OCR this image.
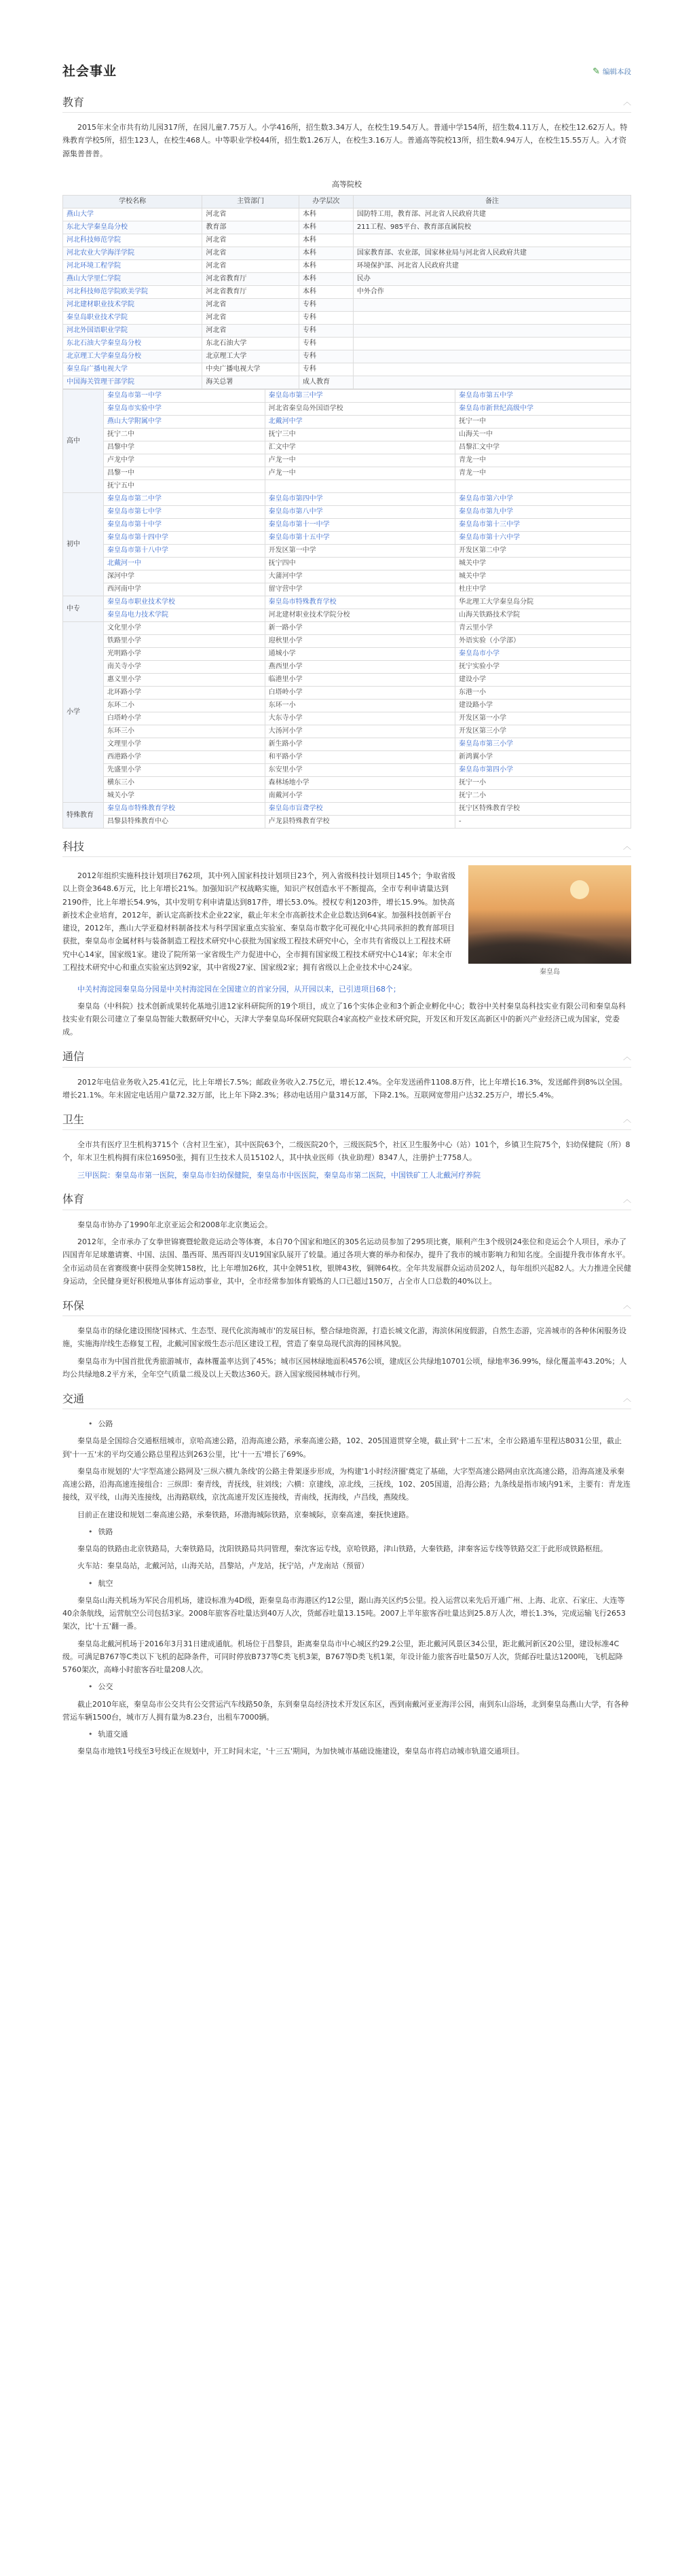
社会事业	✎ 编辑本段
教育	︿

2015年末全市共有幼儿园317所，在园儿童7.75万人。小学416所，招生数3.34万人，在校生19.54万人。普通中学154所，招生数4.11万人，在校生12.62万人。特殊教育学校5所，招生123人，在校生468人。中等职业学校44所，招生数1.26万人，在校生3.16万人。普通高等院校13所，招生数4.94万人，在校生15.55万人。入才资源集普普普。

高等院校
学校名称	主管部门	办学层次	备注
燕山大学	河北省	本科	国防特工用，教育部、河北省人民政府共建
东北大学秦皇岛分校	教育部	本科	211工程、985平台、教育部直属院校
河北科技师范学院	河北省	本科	
河北农业大学海洋学院	河北省	本科	国家教育部、农业部，国家林业局与河北省人民政府共建
河北环境工程学院	河北省	本科	环境保护部、河北省人民政府共建
燕山大学里仁学院	河北省教育厅	本科	民办
河北科技师范学院欧美学院	河北省教育厅	本科	中外合作
河北建材职业技术学院	河北省	专科	
秦皇岛职业技术学院	河北省	专科	
河北外国语职业学院	河北省	专科	
东北石油大学秦皇岛分校	东北石油大学	专科	
北京理工大学秦皇岛分校	北京理工大学	专科	
秦皇岛广播电视大学	中央广播电视大学	专科	
中国海关管理干部学院	海关总署	成人教育	
高中	秦皇岛市第一中学	秦皇岛市第三中学	秦皇岛市第五中学
	秦皇岛市实验中学	河北省秦皇岛外国语学校	秦皇岛市新世纪高级中学
	燕山大学附属中学	北戴河中学	抚宁一中
	抚宁二中	抚宁三中	山海关一中
	昌黎中学	汇文中学	昌黎汇文中学
	卢龙中学	卢龙一中	青龙一中
	昌黎一中	卢龙一中	青龙一中
	抚宁五中		
初中	秦皇岛市第二中学	秦皇岛市第四中学	秦皇岛市第六中学
	秦皇岛市第七中学	秦皇岛市第八中学	秦皇岛市第九中学
	秦皇岛市第十中学	秦皇岛市第十一中学	秦皇岛市第十三中学
	秦皇岛市第十四中学	秦皇岛市第十五中学	秦皇岛市第十六中学
	秦皇岛市第十八中学	开发区第一中学	开发区第二中学
	北戴河一中	抚宁四中	城关中学
	深河中学	大蒲河中学	城关中学
	西河南中学	留守营中学	杜庄中学
中专	秦皇岛市职业技术学校	秦皇岛市特殊教育学校	华北理工大学秦皇岛分院
	秦皇岛电力技术学院	河北建材职业技术学院分校	山海关铁路技术学院
小学	文化里小学	新一路小学	青云里小学
	铁路里小学	迎秋里小学	外语实验（小学部）
	光明路小学	通城小学	秦皇岛市小学
	南关寺小学	燕西里小学	抚宁实验小学
	惠义里小学	临港里小学	建设小学
	北环路小学	白塔岭小学	东港一小
	东环二小	东环一小	建设路小学
	白塔岭小学	大东寺小学	开发区第一小学
	东环三小	大汤河小学	开发区第三小学
	文理里小学	新生路小学	秦皇岛市第三小学
	西港路小学	和平路小学	新鸿翼小学
	先盛里小学	东安里小学	秦皇岛市第四小学
	横东三小	森林场地小学	抚宁一小
	城关小学	南戴河小学	抚宁二小
特殊教育	秦皇岛市特殊教育学校	秦皇岛市盲聋学校	抚宁区特殊教育学校
	昌黎县特殊教育中心	卢龙县特殊教育学校	-
科技	︿

2012年组织实施科技计划项目762项，其中列入国家科技计划项目23个，列入省级科技计划项目145个；争取省级以上资金3648.6万元，比上年增长21%。加强知识产权战略实施，知识产权创造水平不断提高，全市专利申请量达到2190件，比上年增长54.9%，其中发明专利申请量达到817件，增长53.0%。授权专利1203件，增长15.9%。加快高新技术企业培育，2012年，新认定高新技术企业22家，截止年末全市高新技术企业总数达到64家。加强科技创新平台建设，2012年，燕山大学亚稳材料制备技术与科学国家重点实验室、秦皇岛市数字化可视化中心共同承担的教育部项目获批，秦皇岛市金属材料与装备制造工程技术研究中心获批为国家级工程技术研究中心，全市共有省级以上工程技术研究中心14家，国家级1家。建设了院所第一家省级生产力促进中心，全市拥有国家级工程技术研究中心14家；年末全市工程技术研究中心和重点实验室达到92家，其中省级27家、国家级2家；拥有省级以上企业技术中心24家。

秦皇岛

中关村海淀园秦皇岛分园是中关村海淀园在全国建立的首家分园，从开园以来，已引进项目68个；

秦皇岛（中科院）技术创新成果转化基地引进12家科研院所的19个项目，成立了16个实体企业和3个新企业孵化中心；数谷中关村秦皇岛科技实业有限公司和秦皇岛科技实业有限公司建立了秦皇岛智能大数据研究中心，天津大学秦皇岛环保研究院联合4家高校产业技术研究院，开发区和开发区高新区中的新兴产业经济已成为国家，党委成。

通信	︿

2012年电信业务收入25.41亿元，比上年增长7.5%；邮政业务收入2.75亿元，增长12.4%。全年发送函件1108.8万件，比上年增长16.3%，发送邮件到8%以全国。增长21.1%。年末固定电话用户量72.32万部，比上年下降2.3%；移动电话用户量314万部，下降2.1%。互联网宽带用户达32.25万户，增长5.4%。

卫生	︿

全市共有医疗卫生机构3715个（含村卫生室），其中医院63个，二级医院20个，三级医院5个，社区卫生服务中心（站）101个，乡镇卫生院75个，妇幼保健院（所）8个，年末卫生机构拥有床位16950张，拥有卫生技术人员15102人，其中执业医师（执业助理）8347人，注册护士7758人。

三甲医院：秦皇岛市第一医院，秦皇岛市妇幼保健院，秦皇岛市中医医院，秦皇岛市第二医院，中国铁矿工人北戴河疗养院

体育	︿

秦皇岛市协办了1990年北京亚运会和2008年北京奥运会。

2012年，全市承办了女拳世锦赛暨轮散竞运动会等体赛，本自70个国家和地区的305名运动员参加了295项比赛，顺利产生3个级别24张位和竞运会个人项目，承办了四国青年足球邀请赛、中国、法国、墨西哥、黑西哥四支U19国家队展开了较量。通过各项大赛的举办和保办，提升了我市的城市影响力和知名度。全面提升我市体育水平。全市运动员在省赛级赛中获得金奖牌158枚，比上年增加26枚，其中金牌51枚，银牌43枚，铜牌64枚。全年共发展群众运动员202人，每年组织兴起82人。大力推进全民健身运动，全民健身更好积极地从事体育运动事业，其中，全市经常参加体育锻炼的人口已超过150万，占全市人口总数的40%以上。

环保	︿

秦皇岛市的绿化建设围绕'园林式、生态型、现代化滨海城市'的发展目标，整合绿地资源，打造长城文化游，海滨休闲度假游，自然生态游，完善城市的各种休闲服务设施，实施海岸线生态修复工程，北戴河国家级生态示范区建设工程，营造了秦皇岛现代滨海的园林风貌。

秦皇岛市为中国首批优秀旅游城市，森林覆盖率达到了45%；城市区园林绿地面积4576公顷，建成区公共绿地10701公顷，绿地率36.99%，绿化覆盖率43.20%；人均公共绿地8.2平方米，全年空气质量二级及以上天数达360天。跻入国家级园林城市行列。

交通	︿
• 公路

秦皇岛是全国综合交通枢纽城市，京哈高速公路，沿海高速公路，承秦高速公路，102、205国道贯穿全境，截止到'十二五'末，全市公路通车里程达8031公里，截止到'十一五'末的平均交通公路总里程达到263公里，比'十一五'增长了69%。

秦皇岛市规划的'大'字型高速公路网及'三纵六横九条线'的公路主骨架逐步形成，为构建'1小时经济圈'奠定了基础，大字型高速公路网由京沈高速公路，沿海高速及承秦高速公路，沿海高速连接组合：三纵即：秦青线，青抚线，驻刘线；六横：京建线，凉北线，三抚线，102、205国道，沿海公路；九条线是指市域内91米，主要有：青龙连接线，双平线，山海关连接线，出海路联线，京沈高速开发区连接线，青南线，抚海线，卢昌线，燕陵线。

目前正在建设和规划二秦高速公路，承秦铁路，环渤海城际铁路，京秦城际，京秦高速，秦抚快速路。

• 铁路

秦皇岛的铁路由北京铁路局，大秦铁路局，沈阳铁路局共同管理，秦沈客运专线，京哈铁路，津山铁路，大秦铁路，津秦客运专线等铁路交汇于此形成铁路枢纽。

火车站：秦皇岛站，北戴河站，山海关站，昌黎站，卢龙站，抚宁站，卢龙南站（预留）

• 航空

秦皇岛山海关机场为军民合用机场，建设标准为4D级，距秦皇岛市海港区约12公里，踞山海关区约5公里。投入运营以来先后开通广州、上海、北京、石家庄、大连等40余条航线，运营航空公司包括3家。2008年旅客吞吐量达到40万人次，货邮吞吐量13.15吨。2007上半年旅客吞吐量达到25.8万人次，增长1.3%，完成运输飞行2653架次，比'十五'翻一番。

秦皇岛北戴河机场于2016年3月31日建成通航。机场位于昌黎县，距离秦皇岛市中心城区约29.2公里，距北戴河风景区34公里，距北戴河新区20公里，建设标准4C级。可满足B767等C类以下飞机的起降条件，可同时停放B737等C类飞机3架，B767等D类飞机1架，年设计能力旅客吞吐量50万人次，货邮吞吐量达1200吨，飞机起降5760架次，高峰小时旅客吞吐量208人次。

• 公交

截止2010年底，秦皇岛市公交共有公交营运汽车线路50条，东到秦皇岛经济技术开发区东区，西到南戴河亚亚海洋公园，南到东山浴场，北到秦皇岛燕山大学，有各种营运车辆1500台，城市万人拥有量为8.23台，出租车7000辆。

• 轨道交通

秦皇岛市地铁1号线至3号线正在规划中，开工时间未定，'十三五'期间，为加快城市基础设施建设，秦皇岛市将启动城市轨道交通项目。
